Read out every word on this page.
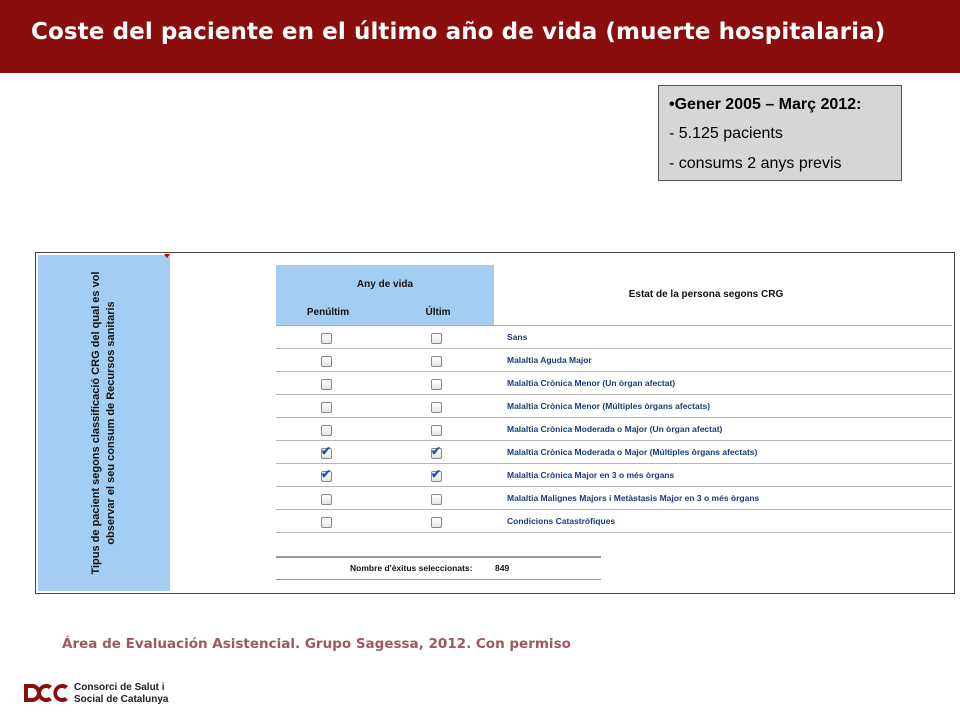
Coste del paciente en el último año de vida (muerte hospitalaria)
•Gener 2005 – Març 2012:
- 5.125 pacients
- consums 2 anys previs
Tipus de pacient segons classificació CRG del qual es vol observar el seu consum de Recursos sanitaris
Any de vida
Penúltim	Últim
Estat de la persona segons CRG
Sans
Malaltia Aguda Major
Malaltia Crònica Menor (Un òrgan afectat)
Malaltia Crònica Menor (Múltiples òrgans afectats)
Malaltia Crònica Moderada o Major (Un òrgan afectat)
✔	✔	Malaltia Crònica Moderada o Major (Múltiples òrgans afectats)
✔	✔	Malaltia Crònica Major en 3 o més òrgans
Malaltia Malignes Majors i Metàstasis Major en 3 o més òrgans
Condicions Catastròfiques
Nombre d'èxitus seleccionats:	849
Área de Evaluación Asistencial. Grupo Sagessa, 2012. Con permiso
Consorci de Salut i
Social de Catalunya
